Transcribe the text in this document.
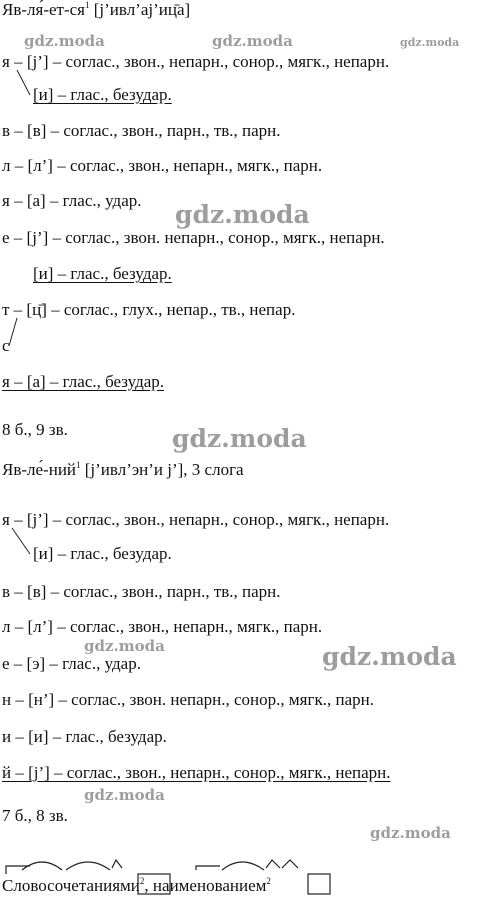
$Яв-ля́-ет-ся^1$ [j’ивл’aj’иц̄а]
я – [j’] – соглас., звон., непарн., сонор., мягк., непарн.
[и] – глас., безудар.
в – [в] – соглас., звон., парн., тв., парн.
л – [л’] – соглас., звон., непарн., мягк., парн.
я – [а] – глас., удар.
е – [j’] – соглас., звон. непарн., сонор., мягк., непарн.
[и] – глас., безудар.
т – [ц̄] – соглас., глух., непар., тв., непар.
с
я – [а] – глас., безудар.
8 б., 9 зв.
Яв-ле́-ний$^1$ [j’ивл’эн’и j’], 3 слога
я – [j’] – соглас., звон., непарн., сонор., мягк., непарн.
[и] – глас., безудар.
в – [в] – соглас., звон., парн., тв., парн.
л – [л’] – соглас., звон., непарн., мягк., парн.
е – [э] – глас., удар.
н – [н’] – соглас., звон. непарн., сонор., мягк., парн.
и – [и] – глас., безудар.
й – [j’] – соглас., звон., непарн., сонор., мягк., непарн.
7 б., 8 зв.
Словосочетаниями$^2$, наименованием$^2$
gdz.moda	gdz.moda	gdz.moda
gdz.moda
gdz.moda
gdz.moda	gdz.moda
gdz.moda
gdz.moda
